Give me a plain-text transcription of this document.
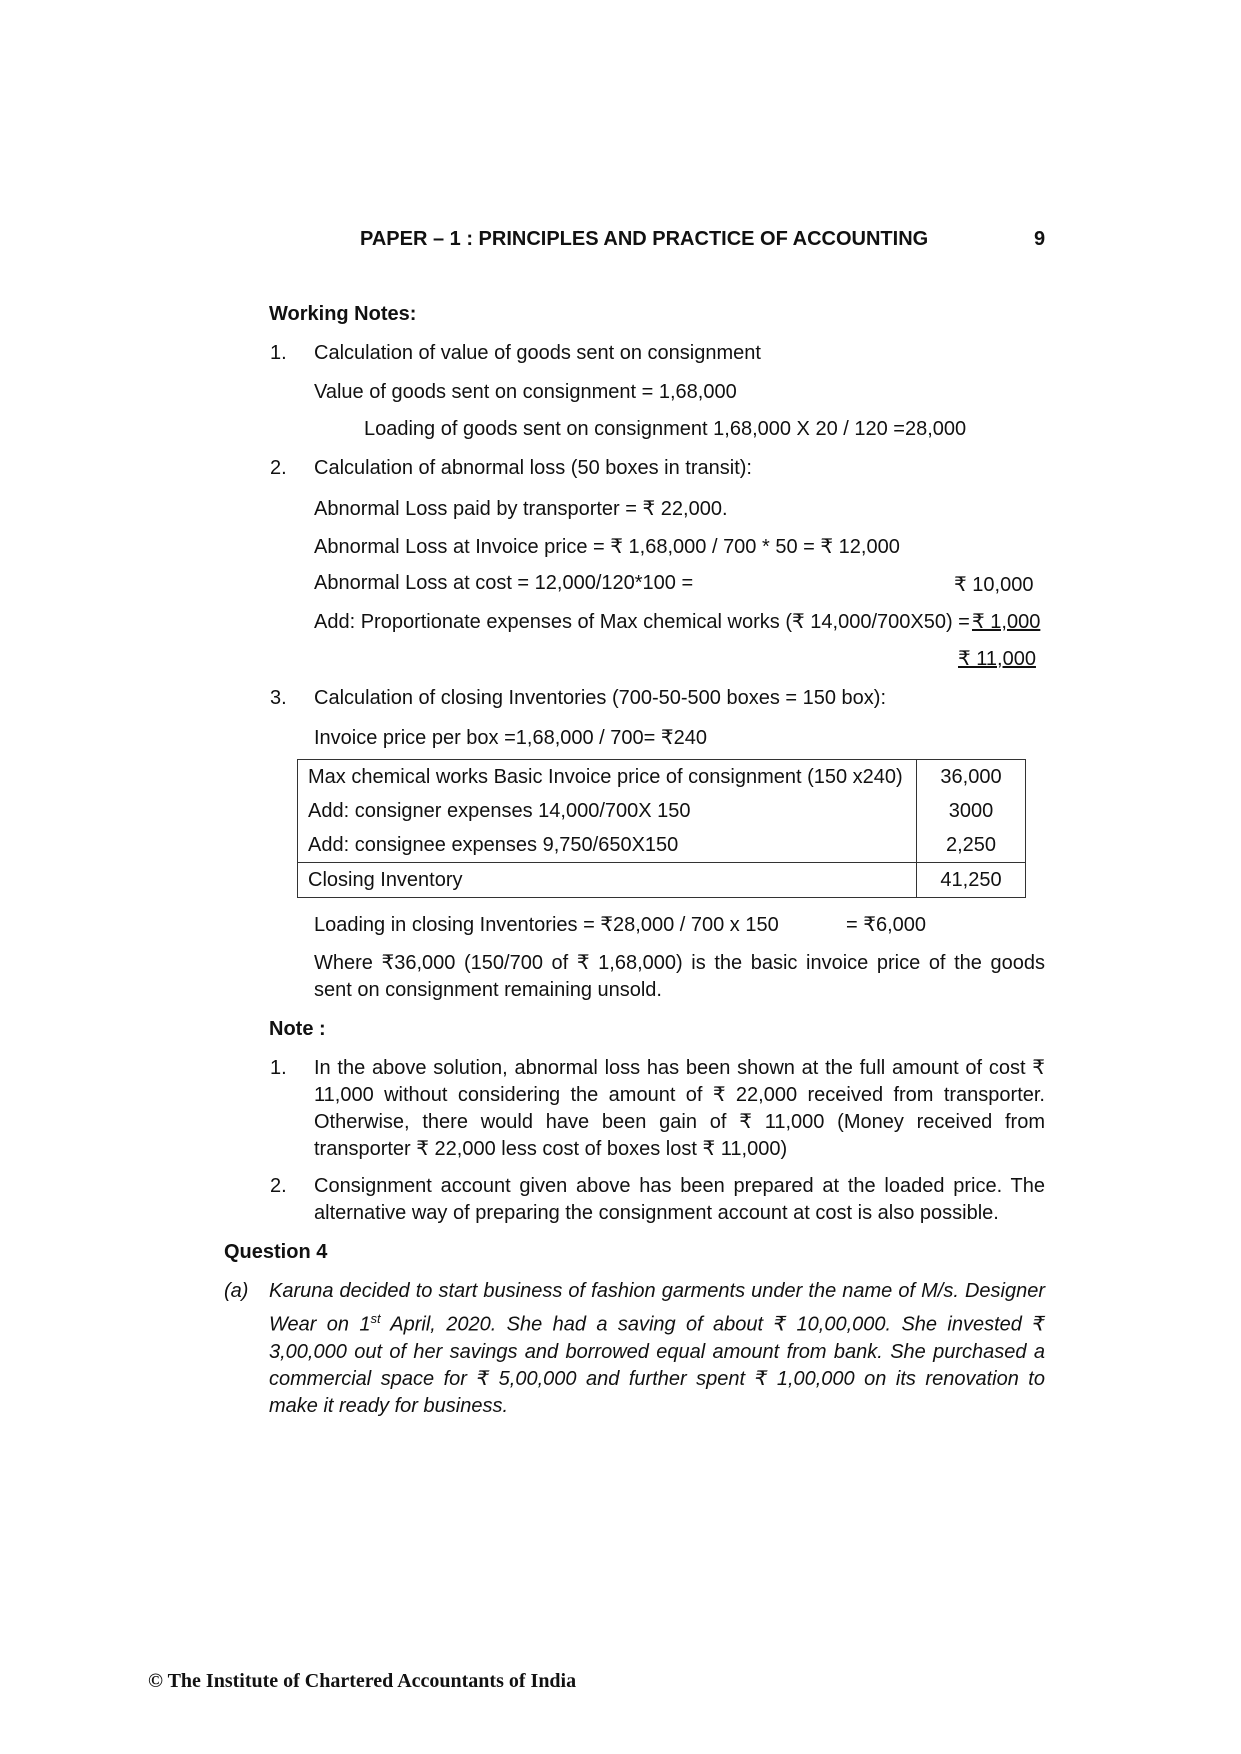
PAPER – 1 : PRINCIPLES AND PRACTICE OF ACCOUNTING	9
Working Notes:
1. Calculation of value of goods sent on consignment
Value of goods sent on consignment = 1,68,000
Loading of goods sent on consignment 1,68,000 X 20 / 120 =28,000
2. Calculation of abnormal loss (50 boxes in transit):
Abnormal Loss paid by transporter = ₹ 22,000.
Abnormal Loss at Invoice price = ₹ 1,68,000 / 700 * 50 = ₹ 12,000
Abnormal Loss at cost = 12,000/120*100 =	₹ 10,000
Add: Proportionate expenses of Max chemical works (₹ 14,000/700X50) = ₹ 1,000
₹ 11,000
3. Calculation of closing Inventories (700-50-500 boxes = 150 box):
Invoice price per box =1,68,000 / 700= ₹240
Max chemical works Basic Invoice price of consignment (150 x240)	36,000
Add: consigner expenses 14,000/700X 150	3000
Add: consignee expenses 9,750/650X150	2,250
Closing Inventory	41,250
Loading in closing Inventories = ₹28,000 / 700 x 150	= ₹6,000
Where ₹36,000 (150/700 of ₹ 1,68,000) is the basic invoice price of the goods sent on consignment remaining unsold.
Note :
1. In the above solution, abnormal loss has been shown at the full amount of cost ₹ 11,000 without considering the amount of ₹ 22,000 received from transporter. Otherwise, there would have been gain of ₹ 11,000 (Money received from transporter ₹ 22,000 less cost of boxes lost ₹ 11,000)
2. Consignment account given above has been prepared at the loaded price. The alternative way of preparing the consignment account at cost is also possible.
Question 4
(a) Karuna decided to start business of fashion garments under the name of M/s. Designer Wear on 1st April, 2020. She had a saving of about ₹ 10,00,000. She invested ₹ 3,00,000 out of her savings and borrowed equal amount from bank. She purchased a commercial space for ₹ 5,00,000 and further spent ₹ 1,00,000 on its renovation to make it ready for business.
© The Institute of Chartered Accountants of India
